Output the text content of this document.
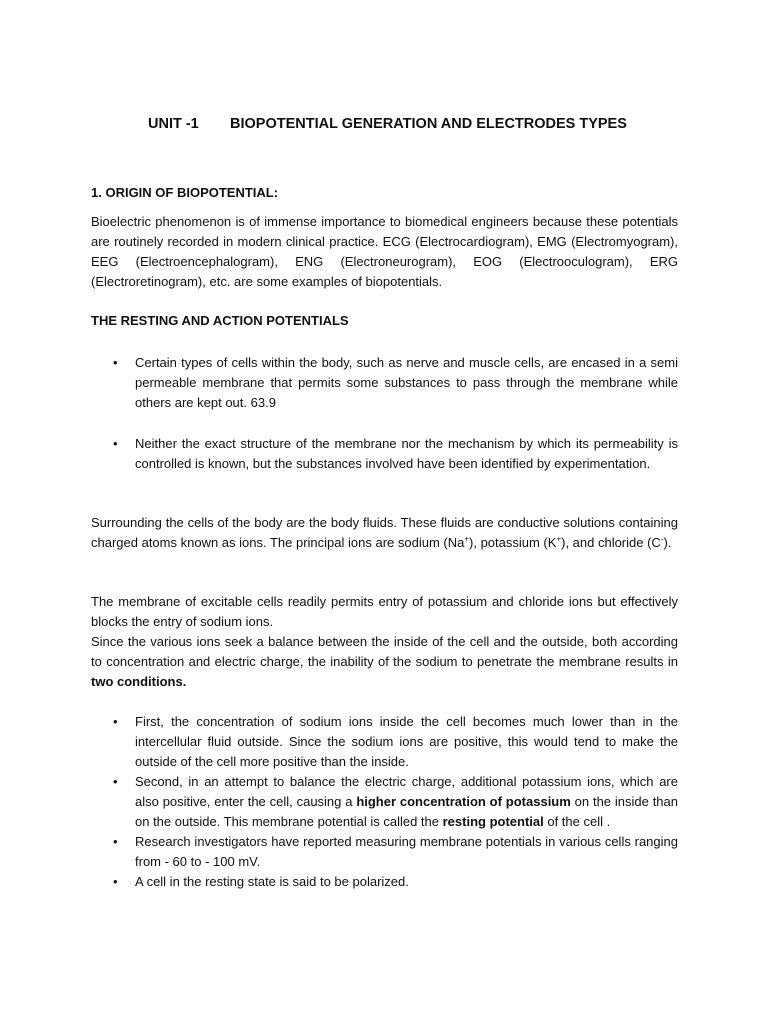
UNIT -1 BIOPOTENTIAL GENERATION AND ELECTRODES TYPES
1. ORIGIN OF BIOPOTENTIAL:
Bioelectric phenomenon is of immense importance to biomedical engineers because these potentials are routinely recorded in modern clinical practice. ECG (Electrocardiogram), EMG (Electromyogram), EEG (Electroencephalogram), ENG (Electroneurogram), EOG (Electrooculogram), ERG (Electroretinogram), etc. are some examples of biopotentials.
THE RESTING AND ACTION POTENTIALS
• Certain types of cells within the body, such as nerve and muscle cells, are encased in a semi permeable membrane that permits some substances to pass through the membrane while others are kept out. 63.9
• Neither the exact structure of the membrane nor the mechanism by which its permeability is controlled is known, but the substances involved have been identified by experimentation.
Surrounding the cells of the body are the body fluids. These fluids are conductive solutions containing charged atoms known as ions. The principal ions are sodium (Na+), potassium (K+), and chloride (C-).
The membrane of excitable cells readily permits entry of potassium and chloride ions but effectively blocks the entry of sodium ions.
Since the various ions seek a balance between the inside of the cell and the outside, both according to concentration and electric charge, the inability of the sodium to penetrate the membrane results in two conditions.
• First, the concentration of sodium ions inside the cell becomes much lower than in the intercellular fluid outside. Since the sodium ions are positive, this would tend to make the outside of the cell more positive than the inside.
• Second, in an attempt to balance the electric charge, additional potassium ions, which are also positive, enter the cell, causing a higher concentration of potassium on the inside than on the outside. This membrane potential is called the resting potential of the cell .
• Research investigators have reported measuring membrane potentials in various cells ranging from - 60 to - 100 mV.
• A cell in the resting state is said to be polarized.
